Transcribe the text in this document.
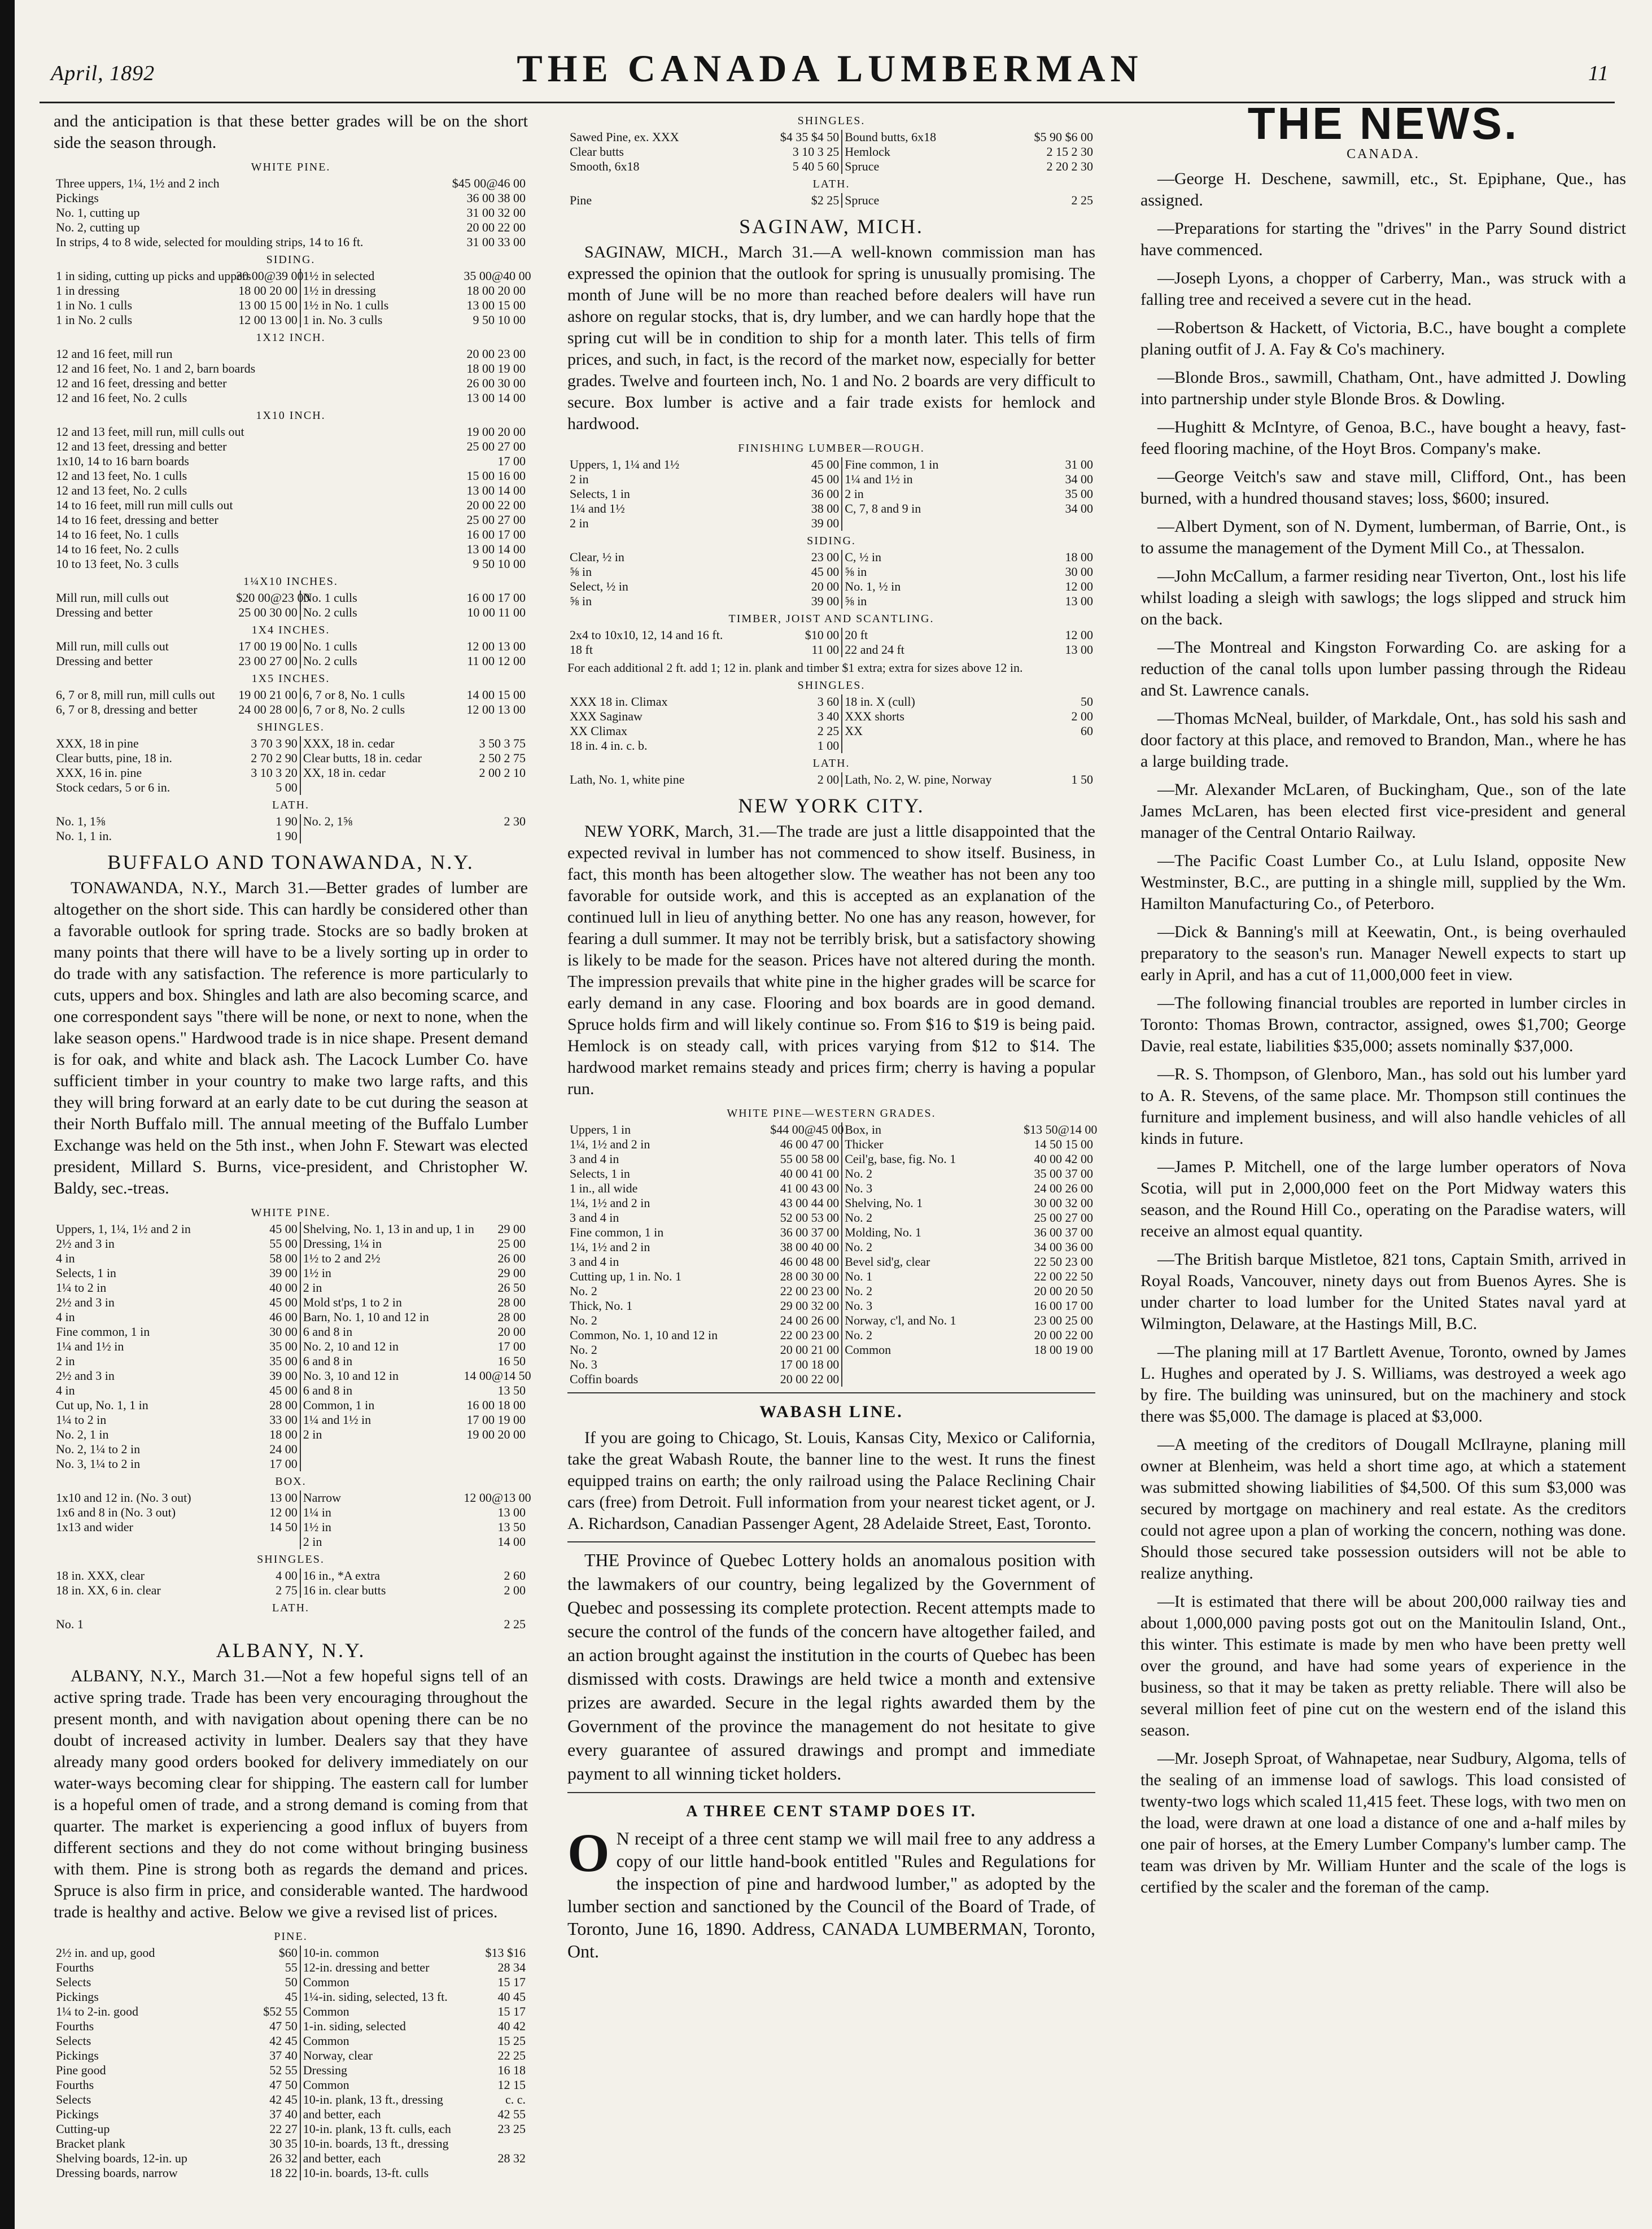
April, 1892	THE CANADA LUMBERMAN	11

and the anticipation is that these better grades will be on the short side the season through.

WHITE PINE.
Three uppers, 1¼, 1½ and 2 inch	$45 00@46 00
Pickings	36 00 38 00
No. 1, cutting up	31 00 32 00
No. 2, cutting up	20 00 22 00
In strips, 4 to 8 wide, selected for moulding strips, 14 to 16 ft.	31 00 33 00
SIDING.
1 in siding, cutting up picks and uppers	30 00@39 00	1½ in selected	35 00@40 00
1 in dressing	18 00 20 00	1½ in dressing	18 00 20 00
1 in No. 1 culls	13 00 15 00	1½ in No. 1 culls	13 00 15 00
1 in No. 2 culls	12 00 13 00	1 in. No. 3 culls	9 50 10 00
1X12 INCH.
12 and 16 feet, mill run	20 00 23 00
12 and 16 feet, No. 1 and 2, barn boards	18 00 19 00
12 and 16 feet, dressing and better	26 00 30 00
12 and 16 feet, No. 2 culls	13 00 14 00
1X10 INCH.
12 and 13 feet, mill run, mill culls out	19 00 20 00
12 and 13 feet, dressing and better	25 00 27 00
1x10, 14 to 16 barn boards	17 00
12 and 13 feet, No. 1 culls	15 00 16 00
12 and 13 feet, No. 2 culls	13 00 14 00
14 to 16 feet, mill run mill culls out	20 00 22 00
14 to 16 feet, dressing and better	25 00 27 00
14 to 16 feet, No. 1 culls	16 00 17 00
14 to 16 feet, No. 2 culls	13 00 14 00
10 to 13 feet, No. 3 culls	9 50 10 00
1¼X10 INCHES.
Mill run, mill culls out	$20 00@23 00	No. 1 culls	16 00 17 00
Dressing and better	25 00 30 00	No. 2 culls	10 00 11 00
1X4 INCHES.
Mill run, mill culls out	17 00 19 00	No. 1 culls	12 00 13 00
Dressing and better	23 00 27 00	No. 2 culls	11 00 12 00
1X5 INCHES.
6, 7 or 8, mill run, mill culls out	19 00 21 00	6, 7 or 8, No. 1 culls	14 00 15 00
6, 7 or 8, dressing and better	24 00 28 00	6, 7 or 8, No. 2 culls	12 00 13 00
SHINGLES.
XXX, 18 in pine	3 70 3 90	XXX, 18 in. cedar	3 50 3 75
Clear butts, pine, 18 in.	2 70 2 90	Clear butts, 18 in. cedar	2 50 2 75
XXX, 16 in. pine	3 10 3 20	XX, 18 in. cedar	2 00 2 10
Stock cedars, 5 or 6 in.	5 00		
LATH.
No. 1, 1⅝	1 90	No. 2, 1⅝	2 30
No. 1, 1 in.	1 90		
BUFFALO AND TONAWANDA, N.Y.

TONAWANDA, N.Y., March 31.—Better grades of lumber are altogether on the short side. This can hardly be considered other than a favorable outlook for spring trade. Stocks are so badly broken at many points that there will have to be a lively sorting up in order to do trade with any satisfaction. The reference is more particularly to cuts, uppers and box. Shingles and lath are also becoming scarce, and one correspondent says "there will be none, or next to none, when the lake season opens." Hardwood trade is in nice shape. Present demand is for oak, and white and black ash. The Lacock Lumber Co. have sufficient timber in your country to make two large rafts, and this they will bring forward at an early date to be cut during the season at their North Buffalo mill. The annual meeting of the Buffalo Lumber Exchange was held on the 5th inst., when John F. Stewart was elected president, Millard S. Burns, vice-president, and Christopher W. Baldy, sec.-treas.

WHITE PINE.
Uppers, 1, 1¼, 1½ and 2 in	45 00	Shelving, No. 1, 13 in and up, 1 in	29 00
2½ and 3 in	55 00	Dressing, 1¼ in	25 00
4 in	58 00	1½ to 2 and 2½	26 00
Selects, 1 in	39 00	1½ in	29 00
1¼ to 2 in	40 00	2 in	26 50
2½ and 3 in	45 00	Mold st'ps, 1 to 2 in	28 00
4 in	46 00	Barn, No. 1, 10 and 12 in	28 00
Fine common, 1 in	30 00	6 and 8 in	20 00
1¼ and 1½ in	35 00	No. 2, 10 and 12 in	17 00
2 in	35 00	6 and 8 in	16 50
2½ and 3 in	39 00	No. 3, 10 and 12 in	14 00@14 50
4 in	45 00	6 and 8 in	13 50
Cut up, No. 1, 1 in	28 00	Common, 1 in	16 00 18 00
1¼ to 2 in	33 00	1¼ and 1½ in	17 00 19 00
No. 2, 1 in	18 00	2 in	19 00 20 00
No. 2, 1¼ to 2 in	24 00		
No. 3, 1¼ to 2 in	17 00		
BOX.
1x10 and 12 in. (No. 3 out)	13 00	Narrow	12 00@13 00
1x6 and 8 in (No. 3 out)	12 00	1¼ in	13 00
1x13 and wider	14 50	1½ in	13 50
		2 in	14 00
SHINGLES.
18 in. XXX, clear	4 00	16 in., *A extra	2 60
18 in. XX, 6 in. clear	2 75	16 in. clear butts	2 00
LATH.
No. 1	2 25
ALBANY, N.Y.

ALBANY, N.Y., March 31.—Not a few hopeful signs tell of an active spring trade. Trade has been very encouraging throughout the present month, and with navigation about opening there can be no doubt of increased activity in lumber. Dealers say that they have already many good orders booked for delivery immediately on our water-ways becoming clear for shipping. The eastern call for lumber is a hopeful omen of trade, and a strong demand is coming from that quarter. The market is experiencing a good influx of buyers from different sections and they do not come without bringing business with them. Pine is strong both as regards the demand and prices. Spruce is also firm in price, and considerable wanted. The hardwood trade is healthy and active. Below we give a revised list of prices.

PINE.
2½ in. and up, good	$60	10-in. common	$13 $16
Fourths	55	12-in. dressing and better	28 34
Selects	50	Common	15 17
Pickings	45	1¼-in. siding, selected, 13 ft.	40 45
1¼ to 2-in. good	$52 55	Common	15 17
Fourths	47 50	1-in. siding, selected	40 42
Selects	42 45	Common	15 25
Pickings	37 40	Norway, clear	22 25
Pine good	52 55	Dressing	16 18
Fourths	47 50	Common	12 15
Selects	42 45	10-in. plank, 13 ft., dressing	c. c.
Pickings	37 40	and better, each	42 55
Cutting-up	22 27	10-in. plank, 13 ft. culls, each	23 25
Bracket plank	30 35	10-in. boards, 13 ft., dressing	
Shelving boards, 12-in. up	26 32	and better, each	28 32
Dressing boards, narrow	18 22	10-in. boards, 13-ft. culls	
SHINGLES.
Sawed Pine, ex. XXX	$4 35 $4 50	Bound butts, 6x18	$5 90 $6 00
Clear butts	3 10 3 25	Hemlock	2 15 2 30
Smooth, 6x18	5 40 5 60	Spruce	2 20 2 30
LATH.
Pine	$2 25	Spruce	2 25
SAGINAW, MICH.

SAGINAW, MICH., March 31.—A well-known commission man has expressed the opinion that the outlook for spring is unusually promising. The month of June will be no more than reached before dealers will have run ashore on regular stocks, that is, dry lumber, and we can hardly hope that the spring cut will be in condition to ship for a month later. This tells of firm prices, and such, in fact, is the record of the market now, especially for better grades. Twelve and fourteen inch, No. 1 and No. 2 boards are very difficult to secure. Box lumber is active and a fair trade exists for hemlock and hardwood.

FINISHING LUMBER—ROUGH.
Uppers, 1, 1¼ and 1½	45 00	Fine common, 1 in	31 00
2 in	45 00	1¼ and 1½ in	34 00
Selects, 1 in	36 00	2 in	35 00
1¼ and 1½	38 00	C, 7, 8 and 9 in	34 00
2 in	39 00		
SIDING.
Clear, ½ in	23 00	C, ½ in	18 00
⅝ in	45 00	⅝ in	30 00
Select, ½ in	20 00	No. 1, ½ in	12 00
⅝ in	39 00	⅝ in	13 00
TIMBER, JOIST AND SCANTLING.
2x4 to 10x10, 12, 14 and 16 ft.	$10 00	20 ft	12 00
18 ft	11 00	22 and 24 ft	13 00
For each additional 2 ft. add 1; 12 in. plank and timber $1 extra; extra for sizes above 12 in.
SHINGLES.
XXX 18 in. Climax	3 60	18 in. X (cull)	50
XXX Saginaw	3 40	XXX shorts	2 00
XX Climax	2 25	XX	60
18 in. 4 in. c. b.	1 00		
LATH.
Lath, No. 1, white pine	2 00	Lath, No. 2, W. pine, Norway	1 50
NEW YORK CITY.

NEW YORK, March, 31.—The trade are just a little disappointed that the expected revival in lumber has not commenced to show itself. Business, in fact, this month has been altogether slow. The weather has not been any too favorable for outside work, and this is accepted as an explanation of the continued lull in lieu of anything better. No one has any reason, however, for fearing a dull summer. It may not be terribly brisk, but a satisfactory showing is likely to be made for the season. Prices have not altered during the month. The impression prevails that white pine in the higher grades will be scarce for early demand in any case. Flooring and box boards are in good demand. Spruce holds firm and will likely continue so. From $16 to $19 is being paid. Hemlock is on steady call, with prices varying from $12 to $14. The hardwood market remains steady and prices firm; cherry is having a popular run.

WHITE PINE—WESTERN GRADES.
Uppers, 1 in	$44 00@45 00	Box, in	$13 50@14 00
1¼, 1½ and 2 in	46 00 47 00	Thicker	14 50 15 00
3 and 4 in	55 00 58 00	Ceil'g, base, fig. No. 1	40 00 42 00
Selects, 1 in	40 00 41 00	No. 2	35 00 37 00
1 in., all wide	41 00 43 00	No. 3	24 00 26 00
1¼, 1½ and 2 in	43 00 44 00	Shelving, No. 1	30 00 32 00
3 and 4 in	52 00 53 00	No. 2	25 00 27 00
Fine common, 1 in	36 00 37 00	Molding, No. 1	36 00 37 00
1¼, 1½ and 2 in	38 00 40 00	No. 2	34 00 36 00
3 and 4 in	46 00 48 00	Bevel sid'g, clear	22 50 23 00
Cutting up, 1 in. No. 1	28 00 30 00	No. 1	22 00 22 50
No. 2	22 00 23 00	No. 2	20 00 20 50
Thick, No. 1	29 00 32 00	No. 3	16 00 17 00
No. 2	24 00 26 00	Norway, c'l, and No. 1	23 00 25 00
Common, No. 1, 10 and 12 in	22 00 23 00	No. 2	20 00 22 00
No. 2	20 00 21 00	Common	18 00 19 00
No. 3	17 00 18 00		
Coffin boards	20 00 22 00		
WABASH LINE.

If you are going to Chicago, St. Louis, Kansas City, Mexico or California, take the great Wabash Route, the banner line to the west. It runs the finest equipped trains on earth; the only railroad using the Palace Reclining Chair cars (free) from Detroit. Full information from your nearest ticket agent, or J. A. Richardson, Canadian Passenger Agent, 28 Adelaide Street, East, Toronto.

THE Province of Quebec Lottery holds an anomalous position with the lawmakers of our country, being legalized by the Government of Quebec and possessing its complete protection. Recent attempts made to secure the control of the funds of the concern have altogether failed, and an action brought against the institution in the courts of Quebec has been dismissed with costs. Drawings are held twice a month and extensive prizes are awarded. Secure in the legal rights awarded them by the Government of the province the management do not hesitate to give every guarantee of assured drawings and prompt and immediate payment to all winning ticket holders.

A THREE CENT STAMP DOES IT.

O N receipt of a three cent stamp we will mail free to any address a copy of our little hand-book entitled "Rules and Regulations for the inspection of pine and hardwood lumber," as adopted by the lumber section and sanctioned by the Council of the Board of Trade, of Toronto, June 16, 1890. Address, CANADA LUMBERMAN, Toronto, Ont.

THE NEWS.
CANADA.

—George H. Deschene, sawmill, etc., St. Epiphane, Que., has assigned.

—Preparations for starting the "drives" in the Parry Sound district have commenced.

—Joseph Lyons, a chopper of Carberry, Man., was struck with a falling tree and received a severe cut in the head.

—Robertson & Hackett, of Victoria, B.C., have bought a complete planing outfit of J. A. Fay & Co's machinery.

—Blonde Bros., sawmill, Chatham, Ont., have admitted J. Dowling into partnership under style Blonde Bros. & Dowling.

—Hughitt & McIntyre, of Genoa, B.C., have bought a heavy, fast-feed flooring machine, of the Hoyt Bros. Company's make.

—George Veitch's saw and stave mill, Clifford, Ont., has been burned, with a hundred thousand staves; loss, $600; insured.

—Albert Dyment, son of N. Dyment, lumberman, of Barrie, Ont., is to assume the management of the Dyment Mill Co., at Thessalon.

—John McCallum, a farmer residing near Tiverton, Ont., lost his life whilst loading a sleigh with sawlogs; the logs slipped and struck him on the back.

—The Montreal and Kingston Forwarding Co. are asking for a reduction of the canal tolls upon lumber passing through the Rideau and St. Lawrence canals.

—Thomas McNeal, builder, of Markdale, Ont., has sold his sash and door factory at this place, and removed to Brandon, Man., where he has a large building trade.

—Mr. Alexander McLaren, of Buckingham, Que., son of the late James McLaren, has been elected first vice-president and general manager of the Central Ontario Railway.

—The Pacific Coast Lumber Co., at Lulu Island, opposite New Westminster, B.C., are putting in a shingle mill, supplied by the Wm. Hamilton Manufacturing Co., of Peterboro.

—Dick & Banning's mill at Keewatin, Ont., is being overhauled preparatory to the season's run. Manager Newell expects to start up early in April, and has a cut of 11,000,000 feet in view.

—The following financial troubles are reported in lumber circles in Toronto: Thomas Brown, contractor, assigned, owes $1,700; George Davie, real estate, liabilities $35,000; assets nominally $37,000.

—R. S. Thompson, of Glenboro, Man., has sold out his lumber yard to A. R. Stevens, of the same place. Mr. Thompson still continues the furniture and implement business, and will also handle vehicles of all kinds in future.

—James P. Mitchell, one of the large lumber operators of Nova Scotia, will put in 2,000,000 feet on the Port Midway waters this season, and the Round Hill Co., operating on the Paradise waters, will receive an almost equal quantity.

—The British barque Mistletoe, 821 tons, Captain Smith, arrived in Royal Roads, Vancouver, ninety days out from Buenos Ayres. She is under charter to load lumber for the United States naval yard at Wilmington, Delaware, at the Hastings Mill, B.C.

—The planing mill at 17 Bartlett Avenue, Toronto, owned by James L. Hughes and operated by J. S. Williams, was destroyed a week ago by fire. The building was uninsured, but on the machinery and stock there was $5,000. The damage is placed at $3,000.

—A meeting of the creditors of Dougall McIlrayne, planing mill owner at Blenheim, was held a short time ago, at which a statement was submitted showing liabilities of $4,500. Of this sum $3,000 was secured by mortgage on machinery and real estate. As the creditors could not agree upon a plan of working the concern, nothing was done. Should those secured take possession outsiders will not be able to realize anything.

—It is estimated that there will be about 200,000 railway ties and about 1,000,000 paving posts got out on the Manitoulin Island, Ont., this winter. This estimate is made by men who have been pretty well over the ground, and have had some years of experience in the business, so that it may be taken as pretty reliable. There will also be several million feet of pine cut on the western end of the island this season.

—Mr. Joseph Sproat, of Wahnapetae, near Sudbury, Algoma, tells of the sealing of an immense load of sawlogs. This load consisted of twenty-two logs which scaled 11,415 feet. These logs, with two men on the load, were drawn at one load a distance of one and a-half miles by one pair of horses, at the Emery Lumber Company's lumber camp. The team was driven by Mr. William Hunter and the scale of the logs is certified by the scaler and the foreman of the camp.
